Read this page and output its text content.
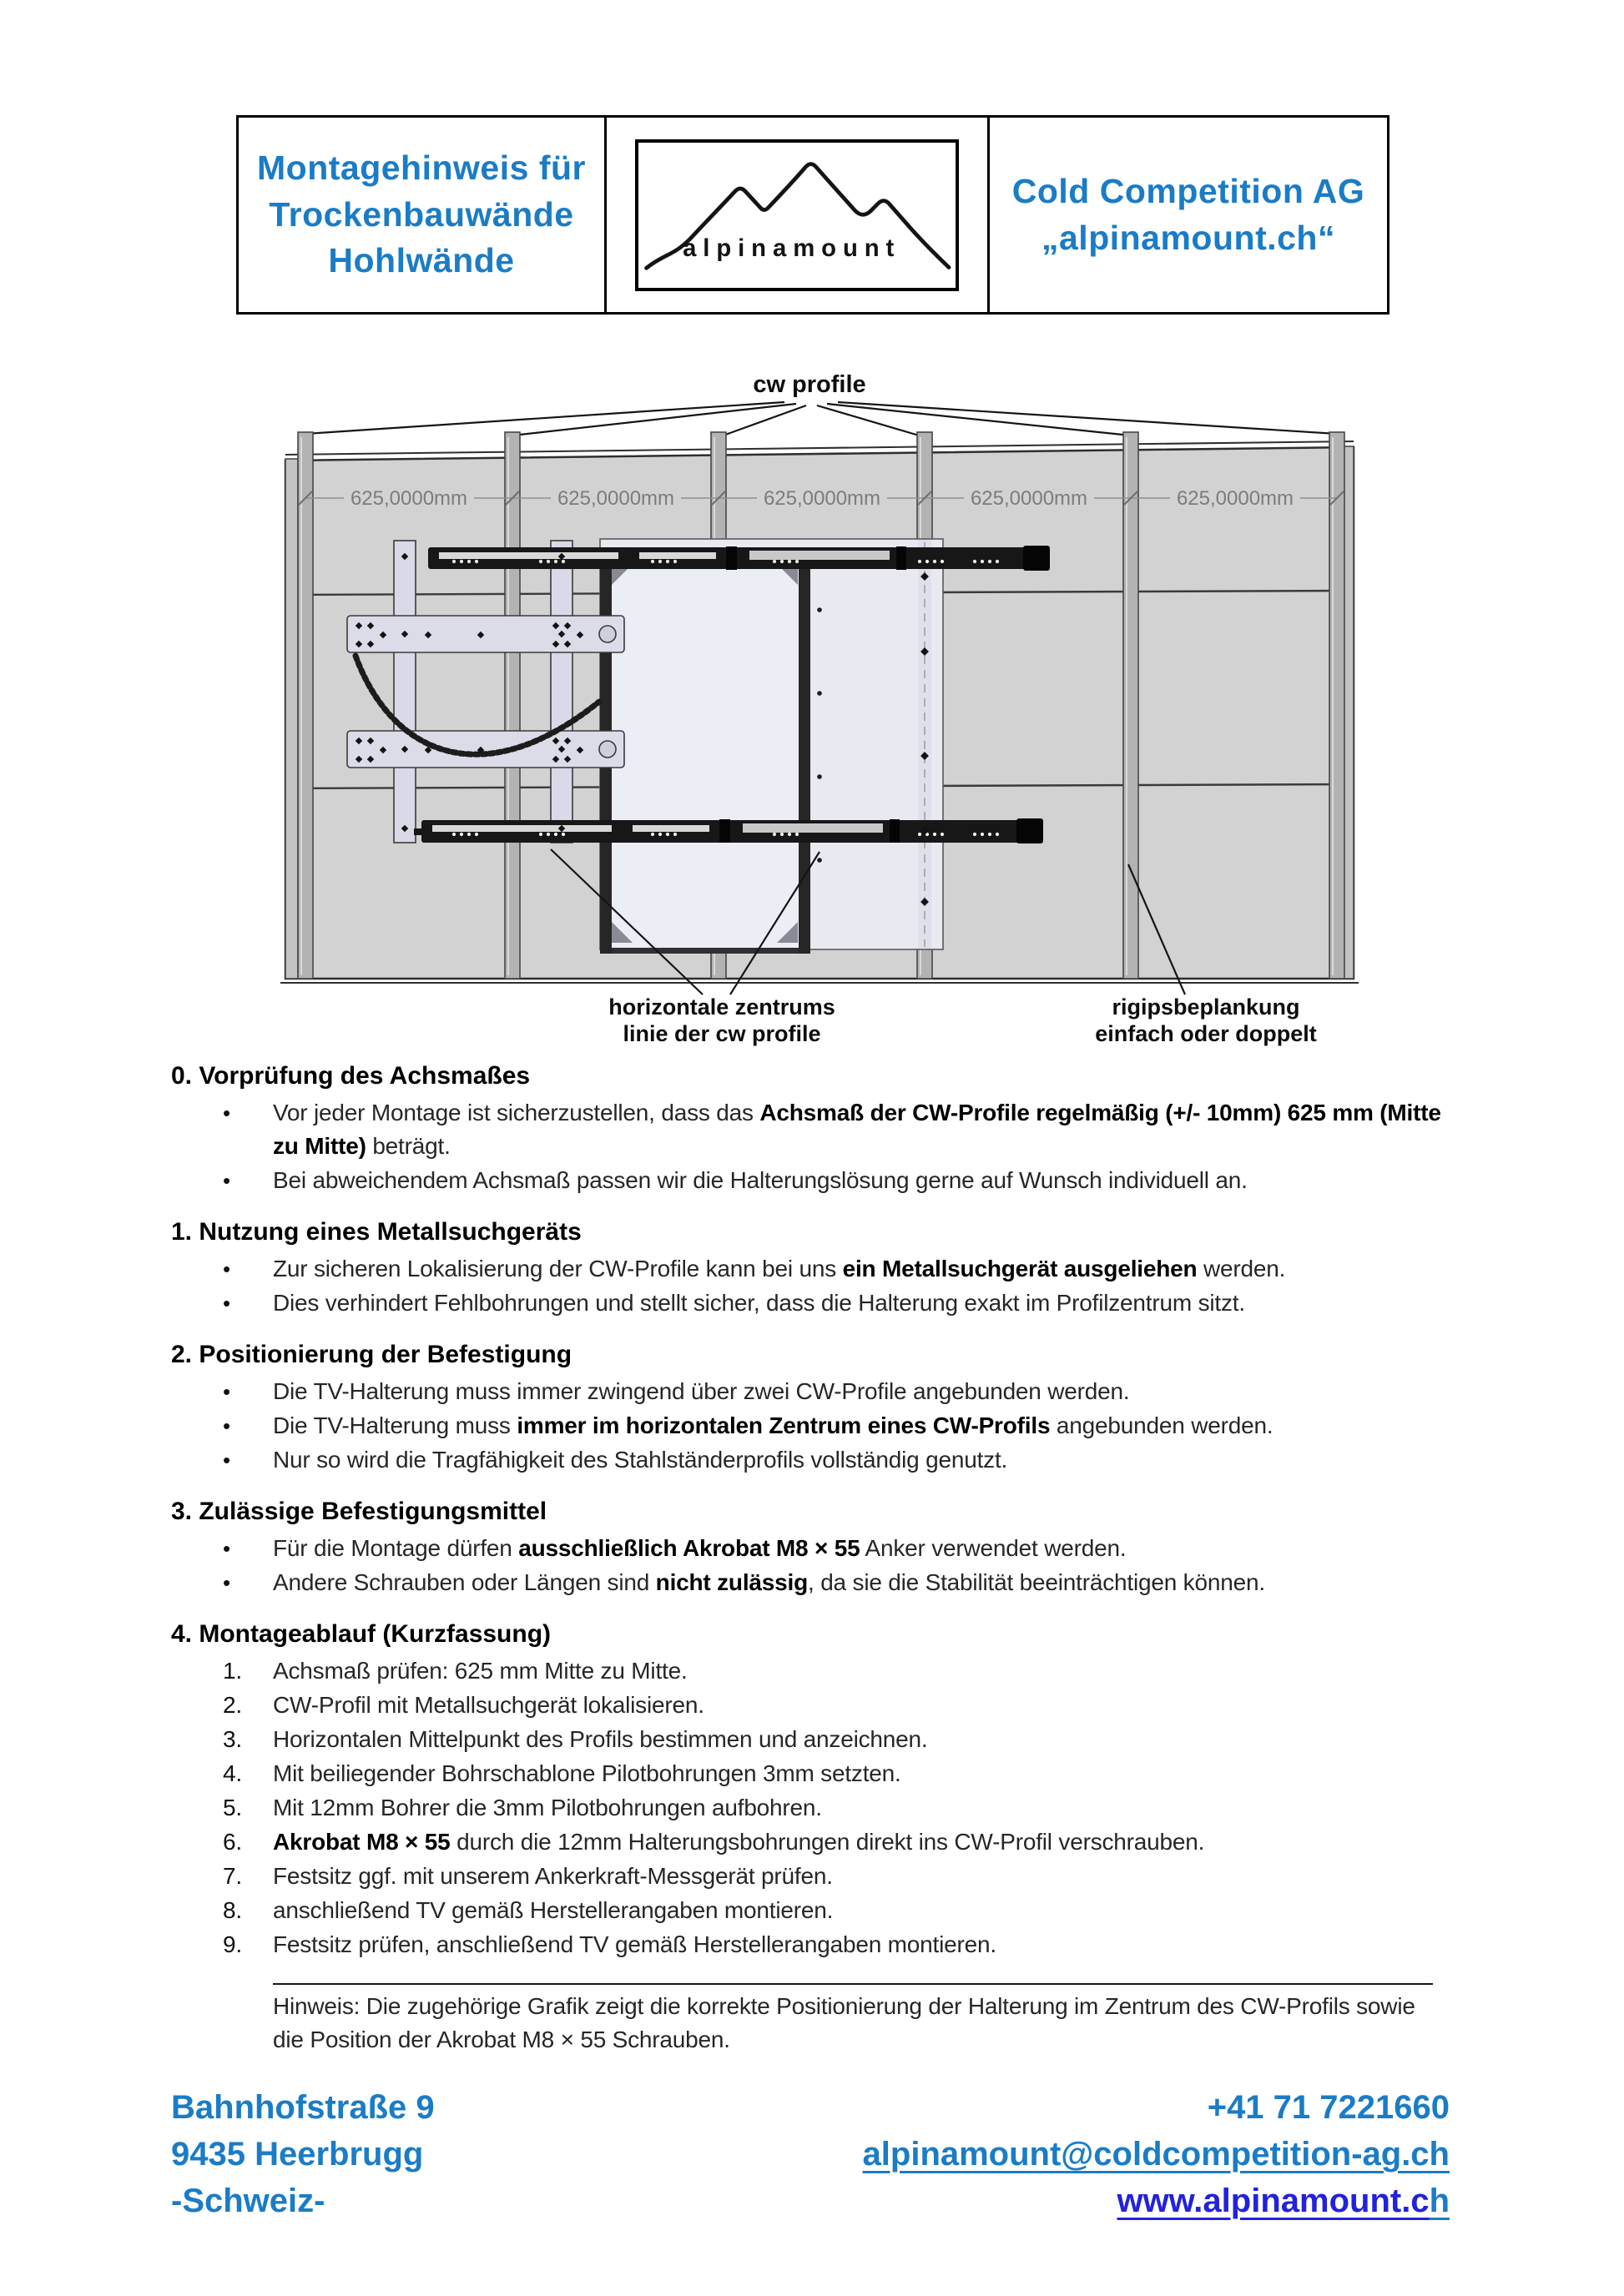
Montagehinweis für
Trockenbauwände
Hohlwände	alpinamount
Cold Competition AG
„alpinamount.ch“
cw profile
625,0000mm	625,0000mm	625,0000mm	625,0000mm	625,0000mm
horizontale zentrums
linie der cw profile
rigipsbeplankung
einfach oder doppelt
0. Vorprüfung des Achsmaßes
•	Vor jeder Montage ist sicherzustellen, dass das Achsmaß der CW-Profile regelmäßig (+/- 10mm) 625 mm (Mitte zu Mitte) beträgt.
•	Bei abweichendem Achsmaß passen wir die Halterungslösung gerne auf Wunsch individuell an.
1. Nutzung eines Metallsuchgeräts
•	Zur sicheren Lokalisierung der CW-Profile kann bei uns ein Metallsuchgerät ausgeliehen werden.
•	Dies verhindert Fehlbohrungen und stellt sicher, dass die Halterung exakt im Profilzentrum sitzt.
2. Positionierung der Befestigung
•	Die TV-Halterung muss immer zwingend über zwei CW-Profile angebunden werden.
•	Die TV-Halterung muss immer im horizontalen Zentrum eines CW-Profils angebunden werden.
•	Nur so wird die Tragfähigkeit des Stahlständerprofils vollständig genutzt.
3. Zulässige Befestigungsmittel
•	Für die Montage dürfen ausschließlich Akrobat M8 × 55 Anker verwendet werden.
•	Andere Schrauben oder Längen sind nicht zulässig, da sie die Stabilität beeinträchtigen können.
4. Montageablauf (Kurzfassung)
1.	Achsmaß prüfen: 625 mm Mitte zu Mitte.
2.	CW-Profil mit Metallsuchgerät lokalisieren.
3.	Horizontalen Mittelpunkt des Profils bestimmen und anzeichnen.
4.	Mit beiliegender Bohrschablone Pilotbohrungen 3mm setzten.
5.	Mit 12mm Bohrer die 3mm Pilotbohrungen aufbohren.
6.	Akrobat M8 × 55 durch die 12mm Halterungsbohrungen direkt ins CW-Profil verschrauben.
7.	Festsitz ggf. mit unserem Ankerkraft-Messgerät prüfen.
8.	anschließend TV gemäß Herstellerangaben montieren.
9.	Festsitz prüfen, anschließend TV gemäß Herstellerangaben montieren.
Hinweis: Die zugehörige Grafik zeigt die korrekte Positionierung der Halterung im Zentrum des CW-Profils sowie die Position der Akrobat M8 × 55 Schrauben.
Bahnhofstraße 9
9435 Heerbrugg
-Schweiz-
+41 71 7221660
alpinamount@coldcompetition-ag.ch
www.alpinamount.ch
